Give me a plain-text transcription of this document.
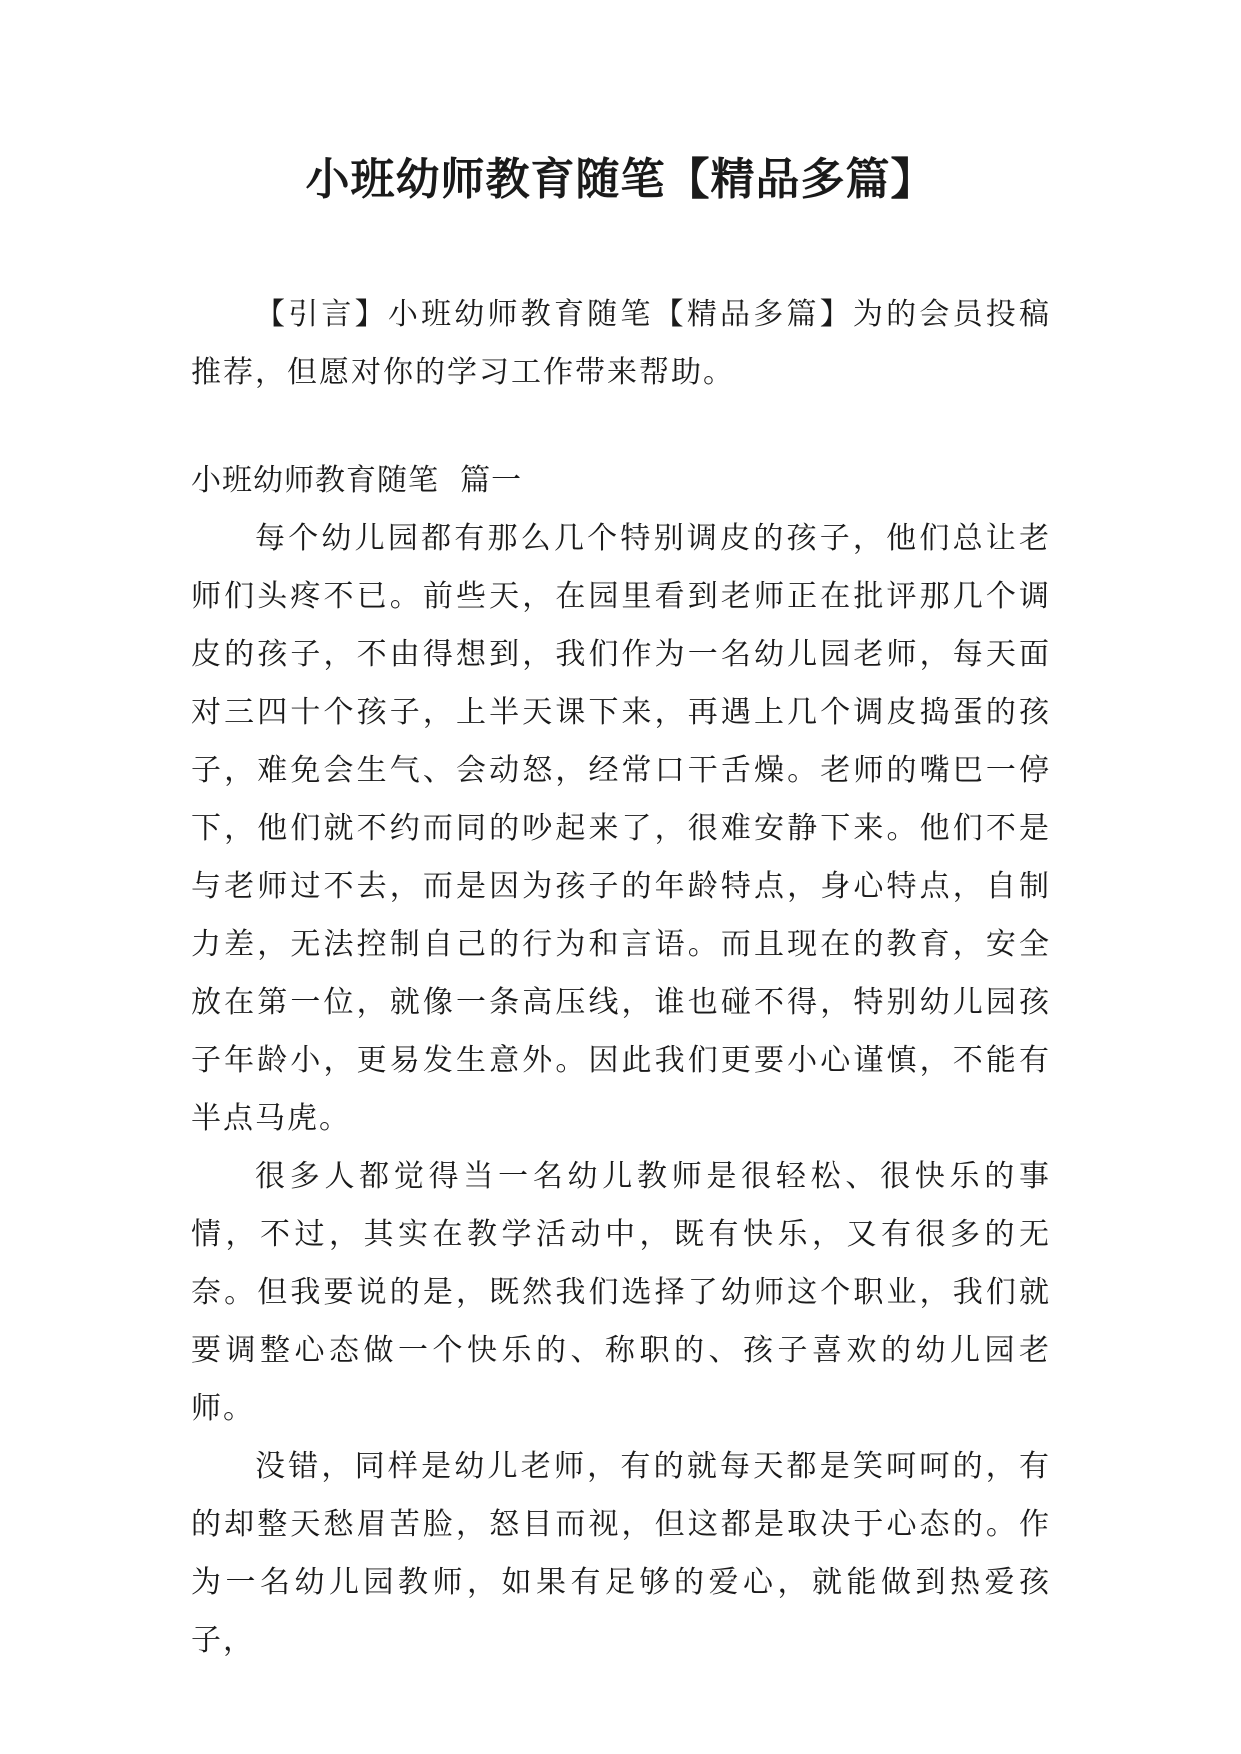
小班幼师教育随笔【精品多篇】

【引言】小班幼师教育随笔【精品多篇】为的会员投稿推荐，但愿对你的学习工作带来帮助。

小班幼师教育随笔  篇一

每个幼儿园都有那么几个特别调皮的孩子，他们总让老师们头疼不已。前些天，在园里看到老师正在批评那几个调皮的孩子，不由得想到，我们作为一名幼儿园老师，每天面对三四十个孩子，上半天课下来，再遇上几个调皮捣蛋的孩子，难免会生气、会动怒，经常口干舌燥。老师的嘴巴一停下，他们就不约而同的吵起来了，很难安静下来。他们不是与老师过不去，而是因为孩子的年龄特点，身心特点，自制力差，无法控制自己的行为和言语。而且现在的教育，安全放在第一位，就像一条高压线，谁也碰不得，特别幼儿园孩子年龄小，更易发生意外。因此我们更要小心谨慎，不能有半点马虎。

很多人都觉得当一名幼儿教师是很轻松、很快乐的事情，不过，其实在教学活动中，既有快乐，又有很多的无奈。但我要说的是，既然我们选择了幼师这个职业，我们就要调整心态做一个快乐的、称职的、孩子喜欢的幼儿园老师。

没错，同样是幼儿老师，有的就每天都是笑呵呵的，有的却整天愁眉苦脸，怒目而视，但这都是取决于心态的。作为一名幼儿园教师，如果有足够的爱心，就能做到热爱孩子，
